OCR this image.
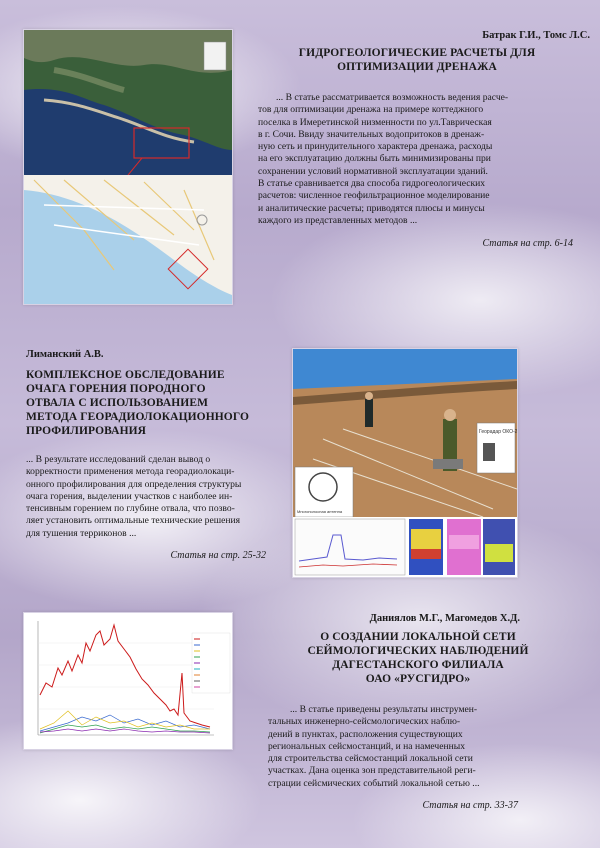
Батрак Г.И., Томс Л.С.
ГИДРОГЕОЛОГИЧЕСКИЕ РАСЧЕТЫ ДЛЯ
ОПТИМИЗАЦИИ ДРЕНАЖА
... В статье рассматривается возможность ведения расче-
тов для оптимизации дренажа на примере коттеджного
поселка в Имеретинской низменности по ул.Таврическая
в г. Сочи. Ввиду значительных водопритоков в дренаж-
ную сеть и принудительного характера дренажа, расходы
на его эксплуатацию должны быть минимизированы при
сохранении условий нормативной эксплуатации зданий.
В статье сравнивается два способа гидрогеологических
расчетов: численное геофильтрационное моделирование
и аналитические расчеты; приводятся плюсы и минусы
каждого из представленных методов ...
Статья на стр. 6-14
Лиманский А.В.
КОМПЛЕКСНОЕ ОБСЛЕДОВАНИЕ
ОЧАГА ГОРЕНИЯ ПОРОДНОГО
ОТВАЛА С ИСПОЛЬЗОВАНИЕМ
МЕТОДА ГЕОРАДИОЛОКАЦИОННОГО
ПРОФИЛИРОВАНИЯ
... В результате исследований сделан вывод о
корректности применения метода георадиолокаци-
онного профилирования для определения структуры
очага горения, выделении участков с наиболее ин-
тенсивным горением по глубине отвала, что позво-
ляет установить оптимальные технические решения
для тушения терриконов ...
Статья на стр. 25-32
Георадар ОКО-2
Многополосная антенна
Даниялов М.Г., Магомедов Х.Д.
О СОЗДАНИИ ЛОКАЛЬНОЙ СЕТИ
СЕЙМОЛОГИЧЕСКИХ НАБЛЮДЕНИЙ
ДАГЕСТАНСКОГО ФИЛИАЛА
ОАО «РУСГИДРО»
... В статье приведены результаты инструмен-
тальных инженерно-сейсмологических наблю-
дений в пунктах, расположения существующих
региональных сейсмостанций, и на намеченных
для строительства сейсмостанций локальной сети
участках. Дана оценка зон представительной реги-
страции сейсмических событий локальной сетью ...
Статья на стр. 33-37
